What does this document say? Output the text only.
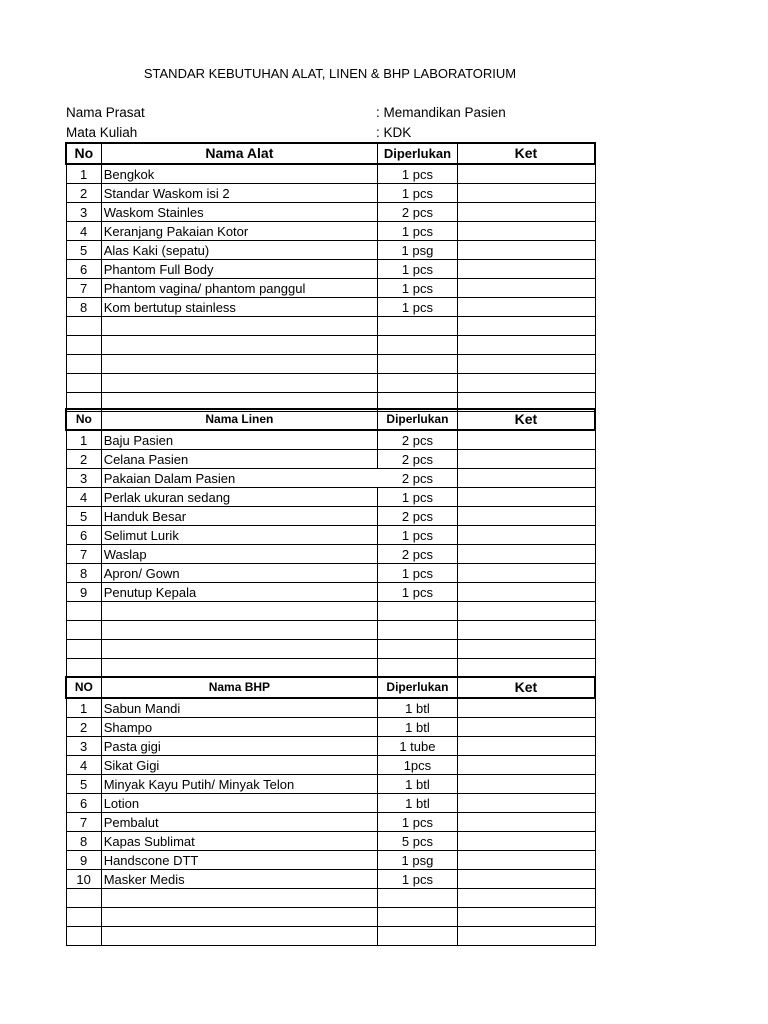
STANDAR KEBUTUHAN ALAT, LINEN & BHP LABORATORIUM
Nama Prasat	: Memandikan Pasien
Mata Kuliah	: KDK
No	Nama Alat	Diperlukan	Ket
1	Bengkok	1 pcs	
2	Standar Waskom isi 2	1 pcs	
3	Waskom Stainles	2 pcs	
4	Keranjang Pakaian Kotor	1 pcs	
5	Alas Kaki (sepatu)	1 psg	
6	Phantom Full Body	1 pcs	
7	Phantom vagina/ phantom panggul	1 pcs	
8	Kom bertutup stainless	1 pcs	

No	Nama Linen	Diperlukan	Ket
1	Baju Pasien	2 pcs	
2	Celana Pasien	2 pcs	
3	Pakaian Dalam Pasien	2 pcs	
4	Perlak ukuran sedang	1 pcs	
5	Handuk Besar	2 pcs	
6	Selimut Lurik	1 pcs	
7	Waslap	2 pcs	
8	Apron/ Gown	1 pcs	
9	Penutup Kepala	1 pcs	

NO	Nama BHP	Diperlukan	Ket
1	Sabun Mandi	1 btl	
2	Shampo	1 btl	
3	Pasta gigi	1 tube	
4	Sikat Gigi	1pcs	
5	Minyak Kayu Putih/ Minyak Telon	1 btl	
6	Lotion	1 btl	
7	Pembalut	1 pcs	
8	Kapas Sublimat	5 pcs	
9	Handscone DTT	1 psg	
10	Masker Medis	1 pcs	
